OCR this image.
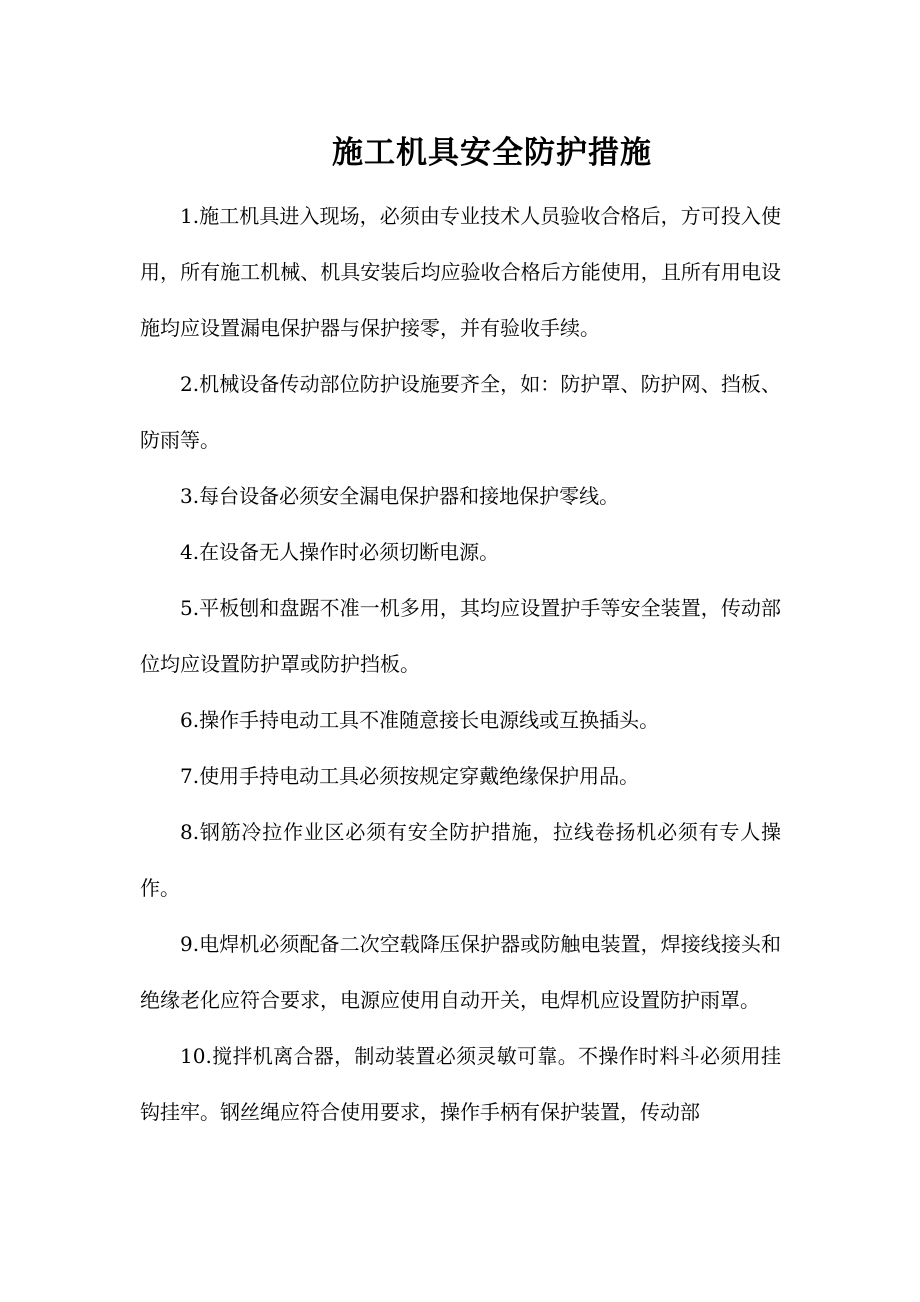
施工机具安全防护措施

1.施工机具进入现场，必须由专业技术人员验收合格后，方可投入使用，所有施工机械、机具安装后均应验收合格后方能使用，且所有用电设施均应设置漏电保护器与保护接零，并有验收手续。

2.机械设备传动部位防护设施要齐全，如：防护罩、防护网、挡板、防雨等。

3.每台设备必须安全漏电保护器和接地保护零线。

4.在设备无人操作时必须切断电源。

5.平板刨和盘踞不准一机多用，其均应设置护手等安全装置，传动部位均应设置防护罩或防护挡板。

6.操作手持电动工具不准随意接长电源线或互换插头。

7.使用手持电动工具必须按规定穿戴绝缘保护用品。

8.钢筋冷拉作业区必须有安全防护措施，拉线卷扬机必须有专人操作。

9.电焊机必须配备二次空载降压保护器或防触电装置，焊接线接头和绝缘老化应符合要求，电源应使用自动开关，电焊机应设置防护雨罩。

10.搅拌机离合器，制动装置必须灵敏可靠。不操作时料斗必须用挂钩挂牢。钢丝绳应符合使用要求，操作手柄有保护装置，传动部
